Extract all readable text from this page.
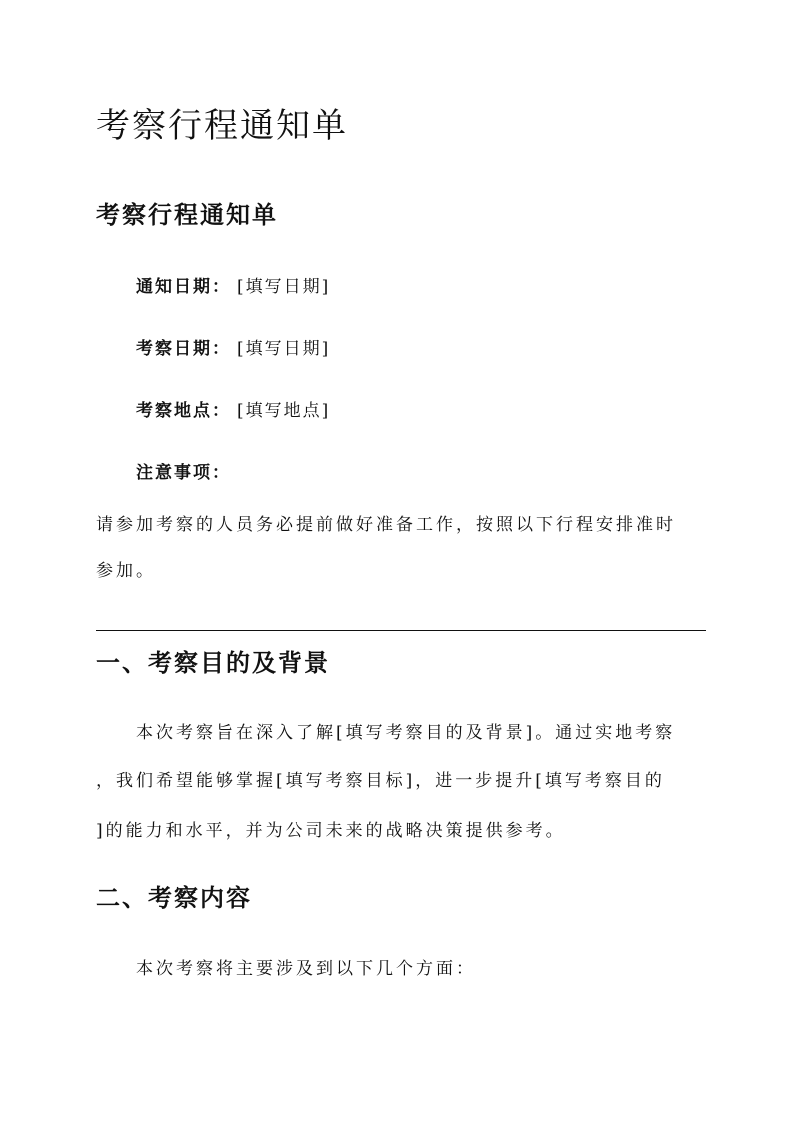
考察行程通知单
考察行程通知单
通知日期： [填写日期]
考察日期： [填写日期]
考察地点： [填写地点]
注意事项：

请参加考察的人员务必提前做好准备工作，按照以下行程安排准时

参加。

一、考察目的及背景

本次考察旨在深入了解[填写考察目的及背景]。通过实地考察

，我们希望能够掌握[填写考察目标]，进一步提升[填写考察目的

]的能力和水平，并为公司未来的战略决策提供参考。

二、考察内容

本次考察将主要涉及到以下几个方面：
